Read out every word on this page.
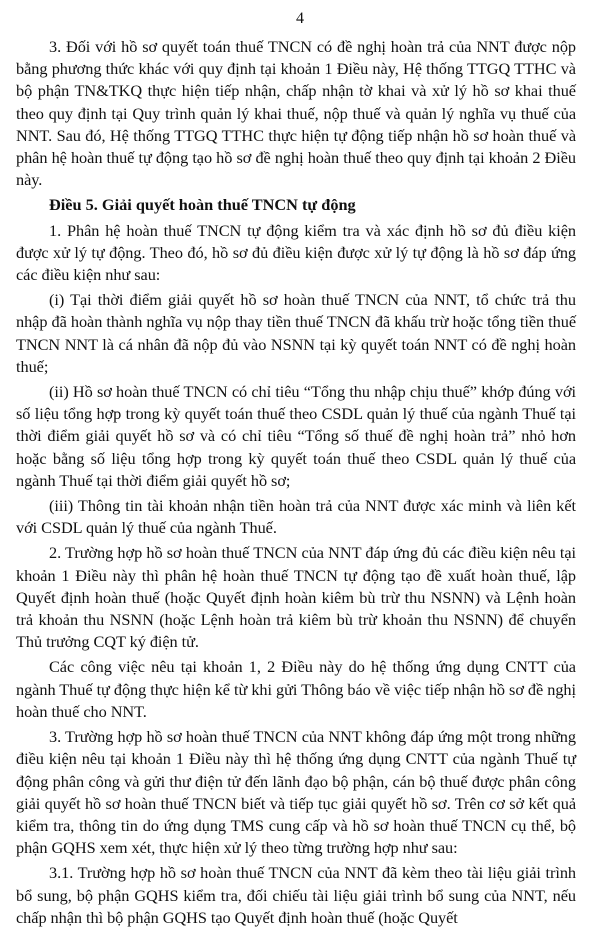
4

3. Đối với hồ sơ quyết toán thuế TNCN có đề nghị hoàn trả của NNT được nộp bằng phương thức khác với quy định tại khoản 1 Điều này, Hệ thống TTGQ TTHC và bộ phận TN&TKQ thực hiện tiếp nhận, chấp nhận tờ khai và xử lý hồ sơ khai thuế theo quy định tại Quy trình quản lý khai thuế, nộp thuế và quản lý nghĩa vụ thuế của NNT. Sau đó, Hệ thống TTGQ TTHC thực hiện tự động tiếp nhận hồ sơ hoàn thuế và phân hệ hoàn thuế tự động tạo hồ sơ đề nghị hoàn thuế theo quy định tại khoản 2 Điều này.

Điều 5. Giải quyết hoàn thuế TNCN tự động

1. Phân hệ hoàn thuế TNCN tự động kiểm tra và xác định hồ sơ đủ điều kiện được xử lý tự động. Theo đó, hồ sơ đủ điều kiện được xử lý tự động là hồ sơ đáp ứng các điều kiện như sau:

(i) Tại thời điểm giải quyết hồ sơ hoàn thuế TNCN của NNT, tổ chức trả thu nhập đã hoàn thành nghĩa vụ nộp thay tiền thuế TNCN đã khấu trừ hoặc tổng tiền thuế TNCN NNT là cá nhân đã nộp đủ vào NSNN tại kỳ quyết toán NNT có đề nghị hoàn thuế;

(ii) Hồ sơ hoàn thuế TNCN có chỉ tiêu “Tổng thu nhập chịu thuế” khớp đúng với số liệu tổng hợp trong kỳ quyết toán thuế theo CSDL quản lý thuế của ngành Thuế tại thời điểm giải quyết hồ sơ và có chỉ tiêu “Tổng số thuế đề nghị hoàn trả” nhỏ hơn hoặc bằng số liệu tổng hợp trong kỳ quyết toán thuế theo CSDL quản lý thuế của ngành Thuế tại thời điểm giải quyết hồ sơ;

(iii) Thông tin tài khoản nhận tiền hoàn trả của NNT được xác minh và liên kết với CSDL quản lý thuế của ngành Thuế.

2. Trường hợp hồ sơ hoàn thuế TNCN của NNT đáp ứng đủ các điều kiện nêu tại khoản 1 Điều này thì phân hệ hoàn thuế TNCN tự động tạo đề xuất hoàn thuế, lập Quyết định hoàn thuế (hoặc Quyết định hoàn kiêm bù trừ thu NSNN) và Lệnh hoàn trả khoản thu NSNN (hoặc Lệnh hoàn trả kiêm bù trừ khoản thu NSNN) để chuyển Thủ trưởng CQT ký điện tử.

Các công việc nêu tại khoản 1, 2 Điều này do hệ thống ứng dụng CNTT của ngành Thuế tự động thực hiện kể từ khi gửi Thông báo về việc tiếp nhận hồ sơ đề nghị hoàn thuế cho NNT.

3. Trường hợp hồ sơ hoàn thuế TNCN của NNT không đáp ứng một trong những điều kiện nêu tại khoản 1 Điều này thì hệ thống ứng dụng CNTT của ngành Thuế tự động phân công và gửi thư điện tử đến lãnh đạo bộ phận, cán bộ thuế được phân công giải quyết hồ sơ hoàn thuế TNCN biết và tiếp tục giải quyết hồ sơ. Trên cơ sở kết quả kiểm tra, thông tin do ứng dụng TMS cung cấp và hồ sơ hoàn thuế TNCN cụ thể, bộ phận GQHS xem xét, thực hiện xử lý theo từng trường hợp như sau:

3.1. Trường hợp hồ sơ hoàn thuế TNCN của NNT đã kèm theo tài liệu giải trình bổ sung, bộ phận GQHS kiểm tra, đối chiếu tài liệu giải trình bổ sung của NNT, nếu chấp nhận thì bộ phận GQHS tạo Quyết định hoàn thuế (hoặc Quyết
